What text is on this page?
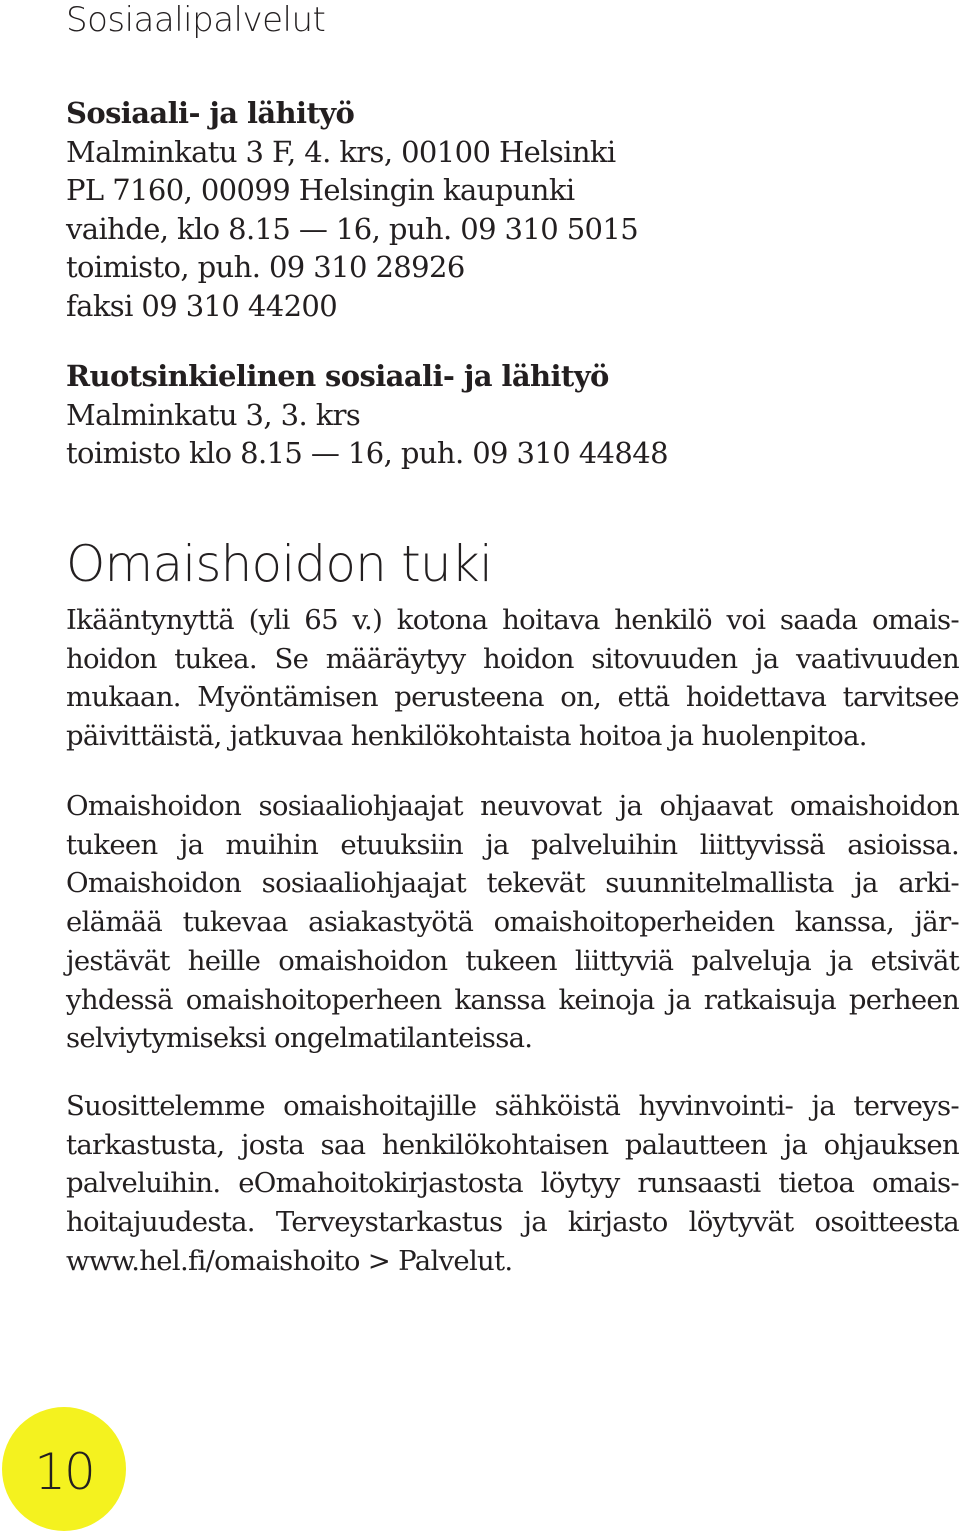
Sosiaalipalvelut
Sosiaali- ja lähityö
Malminkatu 3 F, 4. krs, 00100 Helsinki
PL 7160, 00099 Helsingin kaupunki
vaihde, klo 8.15 — 16, puh. 09 310 5015
toimisto, puh. 09 310 28926
faksi 09 310 44200
Ruotsinkielinen sosiaali- ja lähityö
Malminkatu 3, 3. krs
toimisto klo 8.15 — 16, puh. 09 310 44848
Omaishoidon tuki

Ikääntynyttä (yli 65 v.) kotona hoitava henkilö voi saada omais-
hoidon tukea. Se määräytyy hoidon sitovuuden ja vaativuuden
mukaan. Myöntämisen perusteena on, että hoidettava tarvitsee
päivittäistä, jatkuvaa henkilökohtaista hoitoa ja huolenpitoa.

Omaishoidon sosiaaliohjaajat neuvovat ja ohjaavat omaishoidon
tukeen ja muihin etuuksiin ja palveluihin liittyvissä asioissa.
Omaishoidon sosiaaliohjaajat tekevät suunnitelmallista ja arki-
elämää tukevaa asiakastyötä omaishoitoperheiden kanssa, jär-
jestävät heille omaishoidon tukeen liittyviä palveluja ja etsivät
yhdessä omaishoitoperheen kanssa keinoja ja ratkaisuja perheen
selviytymiseksi ongelmatilanteissa.

Suosittelemme omaishoitajille sähköistä hyvinvointi- ja terveys-
tarkastusta, josta saa henkilökohtaisen palautteen ja ohjauksen
palveluihin. eOmahoitokirjastosta löytyy runsaasti tietoa omais-
hoitajuudesta. Terveystarkastus ja kirjasto löytyvät osoitteesta
www.hel.fi/omaishoito > Palvelut.

10
